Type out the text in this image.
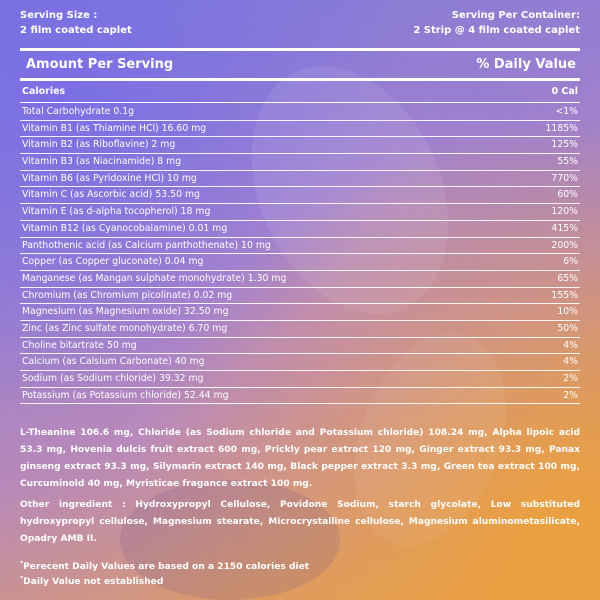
Serving Size :
2 film coated caplet
Serving Per Container:
2 Strip @ 4 film coated caplet
Amount Per Serving	% Daily Value
Calories	0 Cal
Total Carbohydrate 0.1g	<1%
Vitamin B1 (as Thiamine HCl) 16.60 mg	1185%
Vitamin B2 (as Riboflavine) 2 mg	125%
Vitamin B3 (as Niacinamide) 8 mg	55%
Vitamin B6 (as Pyridoxine HCl) 10 mg	770%
Vitamin C (as Ascorbic acid) 53.50 mg	60%
Vitamin E (as d-alpha tocopherol) 18 mg	120%
Vitamin B12 (as Cyanocobalamine) 0.01 mg	415%
Panthothenic acid (as Calcium panthothenate) 10 mg	200%
Copper (as Copper gluconate) 0.04 mg	6%
Manganese (as Mangan sulphate monohydrate) 1.30 mg	65%
Chromium (as Chromium picolinate) 0.02 mg	155%
Magnesium (as Magnesium oxide) 32.50 mg	10%
Zinc (as Zinc sulfate monohydrate) 6.70 mg	50%
Choline bitartrate 50 mg	4%
Calcium (as Calsium Carbonate) 40 mg	4%
Sodium (as Sodium chloride) 39.32 mg	2%
Potassium (as Potassium chloride) 52.44 mg	2%
L-Theanine 106.6 mg, Chloride (as Sodium chloride and Potassium chloride) 108.24 mg, Alpha lipoic acid 53.3 mg, Hovenia dulcis fruit extract 600 mg, Prickly pear extract 120 mg, Ginger extract 93.3 mg, Panax ginseng extract 93.3 mg, Silymarin extract 140 mg, Black pepper extract 3.3 mg, Green tea extract 100 mg, Curcuminold 40 mg, Myristicae fragance extract 100 mg.
Other ingredient : Hydroxypropyl Cellulose, Povidone Sodium, starch glycolate, Low substituted hydroxypropyl cellulose, Magnesium stearate, Microcrystalline cellulose, Magnesium aluminometasilicate, Opadry AMB II.
*Perecent Daily Values are based on a 2150 calories diet
*Daily Value not established
